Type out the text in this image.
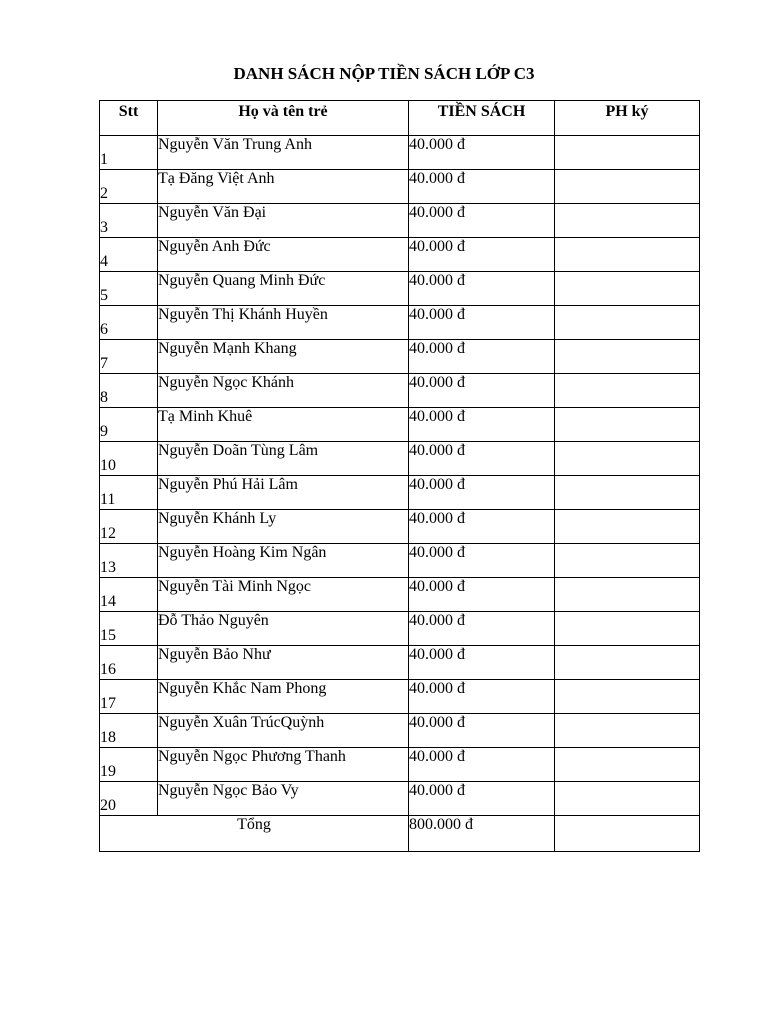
DANH SÁCH NỘP TIỀN SÁCH LỚP C3
Stt	Họ và tên trẻ	TIỀN SÁCH	PH ký
1	Nguyễn Văn Trung Anh	40.000 đ	
2	Tạ Đăng Việt Anh	40.000 đ	
3	Nguyễn Văn Đại	40.000 đ	
4	Nguyễn Anh Đức	40.000 đ	
5	Nguyễn Quang Minh Đức	40.000 đ	
6	Nguyễn Thị Khánh Huyền	40.000 đ	
7	Nguyễn Mạnh Khang	40.000 đ	
8	Nguyễn Ngọc Khánh	40.000 đ	
9	Tạ Minh Khuê	40.000 đ	
10	Nguyễn Doãn Tùng Lâm	40.000 đ	
11	Nguyễn Phú Hải Lâm	40.000 đ	
12	Nguyễn Khánh Ly	40.000 đ	
13	Nguyễn Hoàng Kim Ngân	40.000 đ	
14	Nguyễn Tài Minh Ngọc	40.000 đ	
15	Đỗ Thảo Nguyên	40.000 đ	
16	Nguyễn Bảo Như	40.000 đ	
17	Nguyễn Khắc Nam Phong	40.000 đ	
18	Nguyễn Xuân TrúcQuỳnh	40.000 đ	
19	Nguyễn Ngọc Phương Thanh	40.000 đ	
20	Nguyễn Ngọc Bảo Vy	40.000 đ	
Tổng		800.000 đ	
